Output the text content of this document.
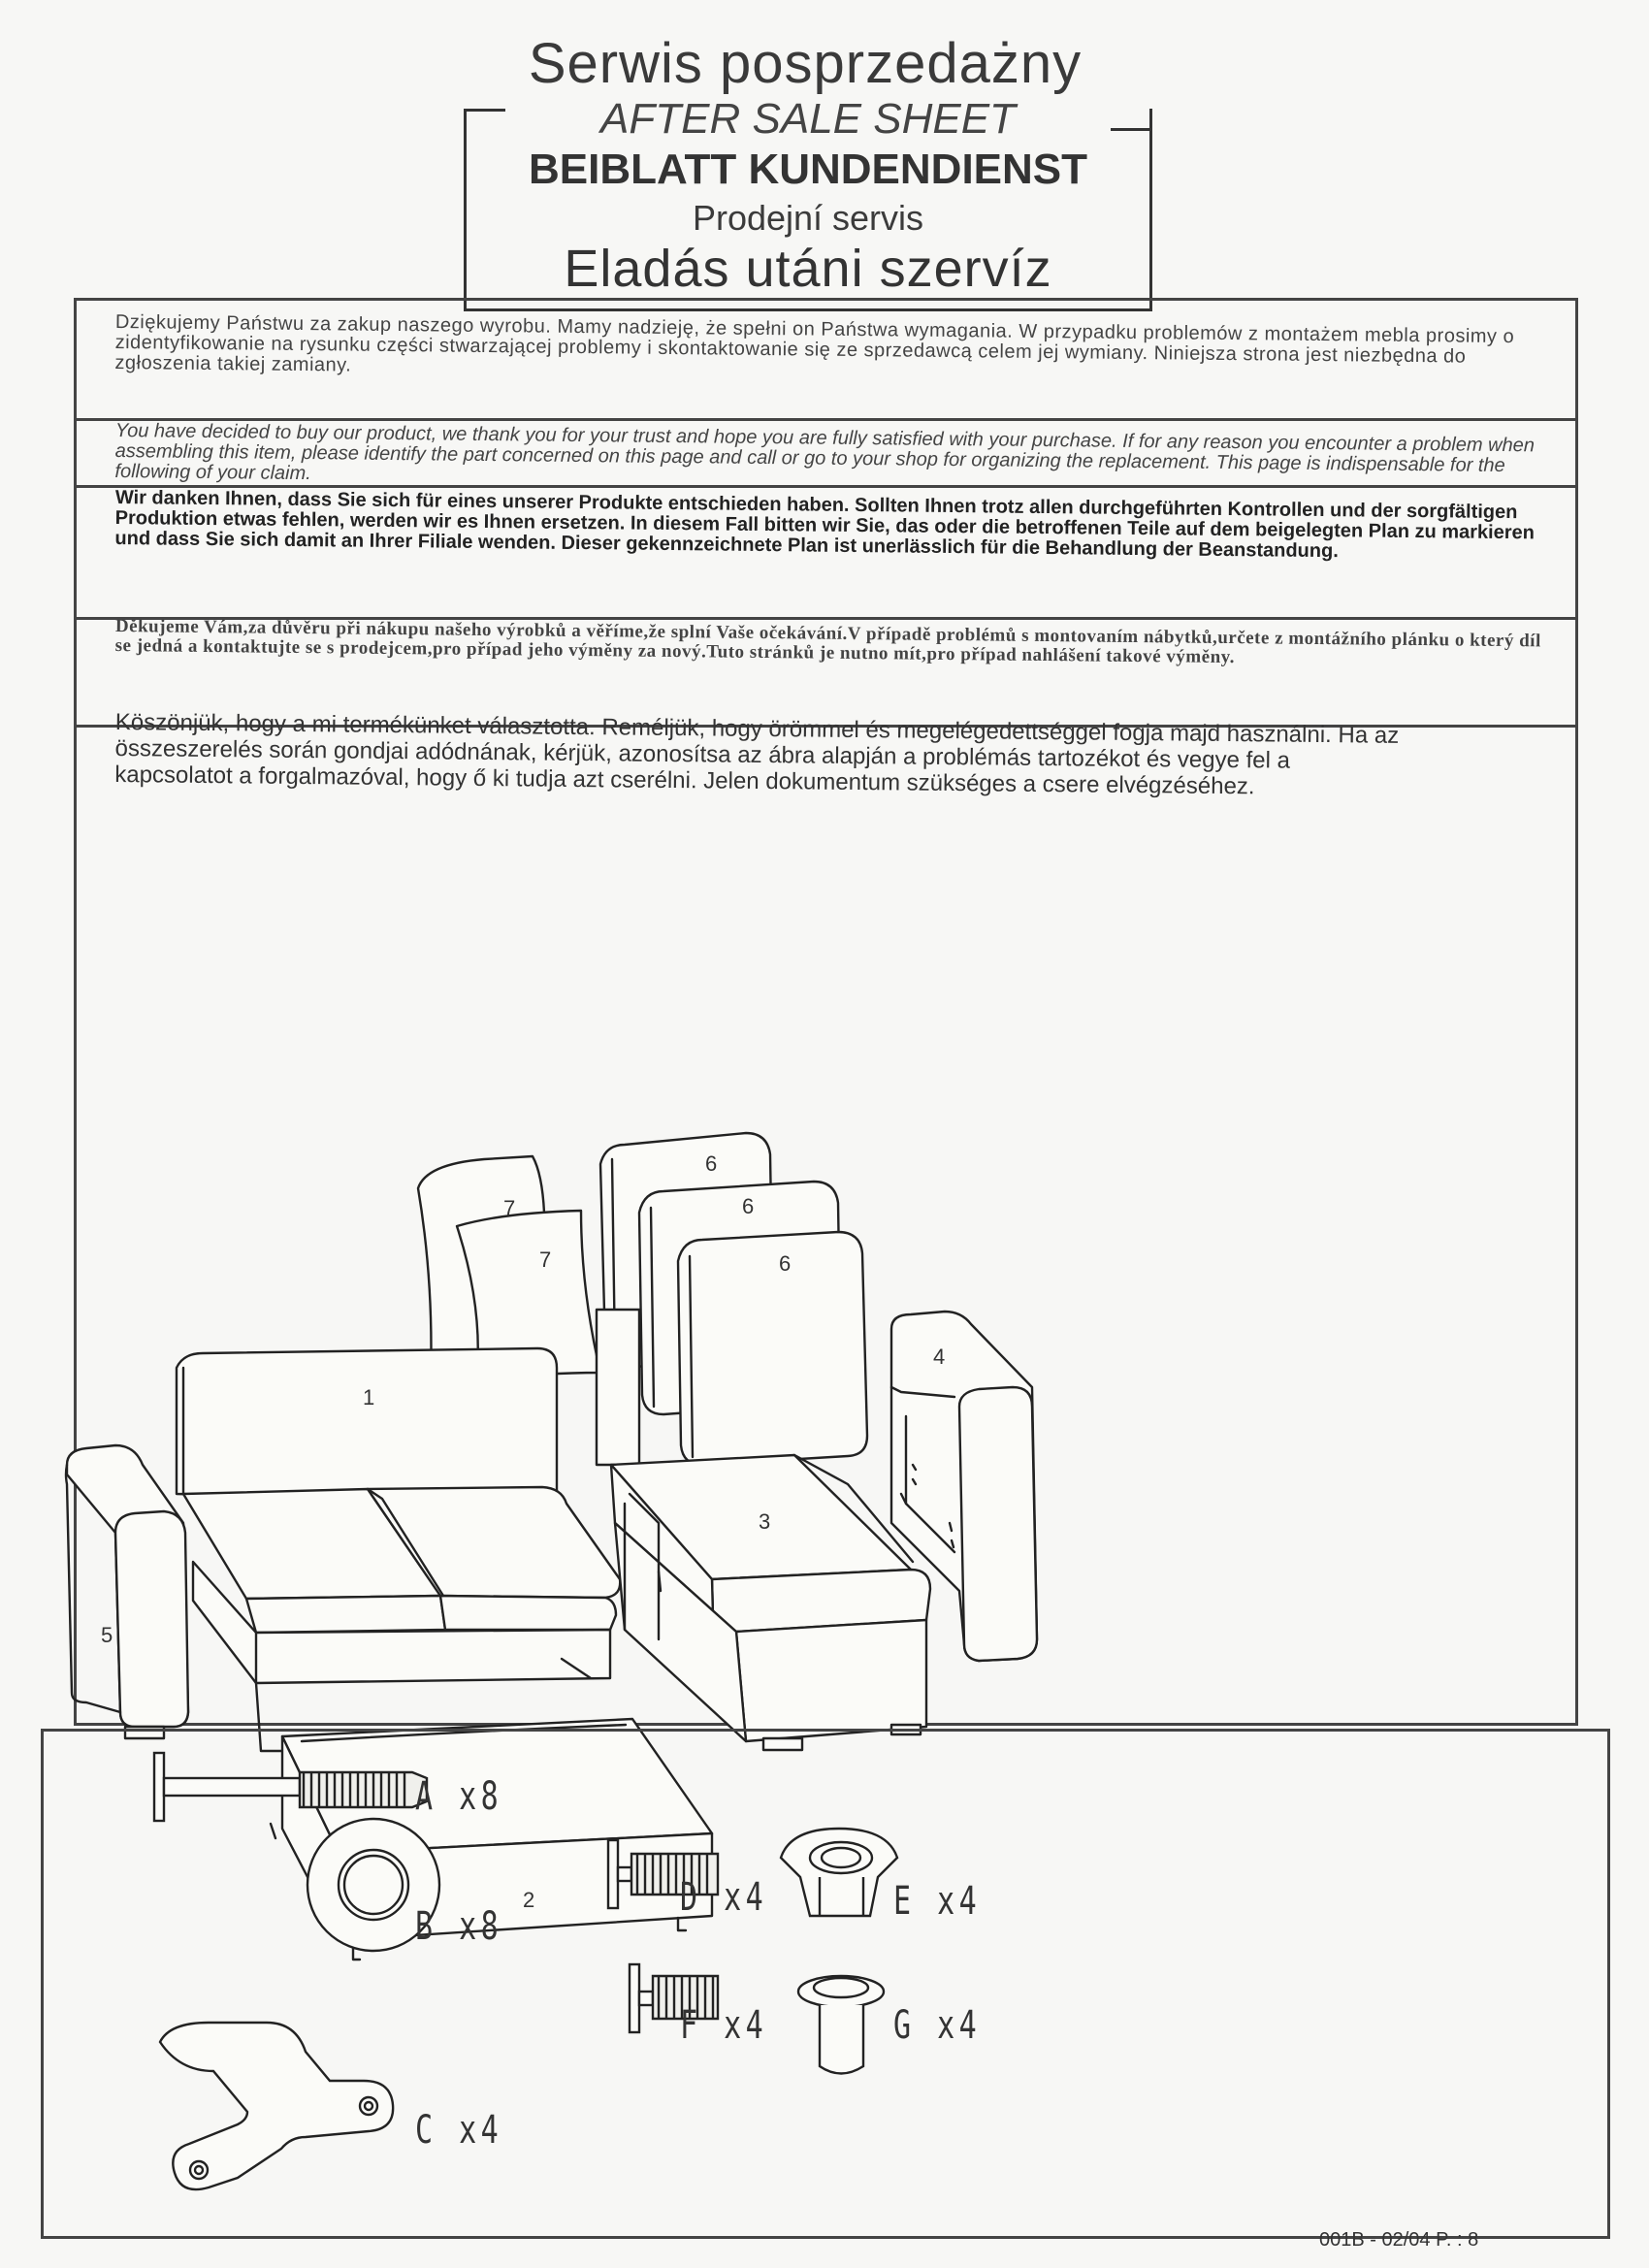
Serwis posprzedażny
AFTER SALE SHEET
BEIBLATT KUNDENDIENST
Prodejní servis
Eladás utáni szervíz
Dziękujemy Państwu za zakup naszego wyrobu. Mamy nadzieję, że spełni on Państwa wymagania. W przypadku problemów z montażem mebla prosimy o zidentyfikowanie na rysunku części stwarzającej problemy i skontaktowanie się ze sprzedawcą celem jej wymiany. Niniejsza strona jest niezbędna do zgłoszenia takiej zamiany.
You have decided to buy our product, we thank you for your trust and hope you are fully satisfied with your purchase. If for any reason you encounter a problem when assembling this item, please identify the part concerned on this page and call or go to your shop for organizing the replacement. This page is indispensable for the following of your claim.
Wir danken Ihnen, dass Sie sich für eines unserer Produkte entschieden haben. Sollten Ihnen trotz allen durchgeführten Kontrollen und der sorgfältigen Produktion etwas fehlen, werden wir es Ihnen ersetzen. In diesem Fall bitten wir Sie, das oder die betroffenen Teile auf dem beigelegten Plan zu markieren und dass Sie sich damit an Ihrer Filiale wenden. Dieser gekennzeichnete Plan ist unerlässlich für die Behandlung der Beanstandung.
Děkujeme Vám,za důvěru při nákupu našeho výrobků a věříme,že splní Vaše očekávání.V případě problémů s montovaním nábytků,určete z montážního plánku o který díl se jedná a kontaktujte se s prodejcem,pro případ jeho výměny za nový.Tuto stránků je nutno mít,pro případ nahlášení takové výměny.
Köszönjük, hogy a mi termékünket választotta. Reméljük, hogy örömmel és megelégedettséggel fogja majd használni. Ha az összeszerelés során gondjai adódnának, kérjük, azonosítsa az ábra alapján a problémás tartozékot és vegye fel a kapcsolatot a forgalmazóval, hogy ő ki tudja azt cserélni. Jelen dokumentum szükséges a csere elvégzéséhez.
7
7
1
5
2
6
6
6
3
4
A x8
B x8
C x4
D x4
F x4
E x4
G x4
001B - 02/04 P. : 8
